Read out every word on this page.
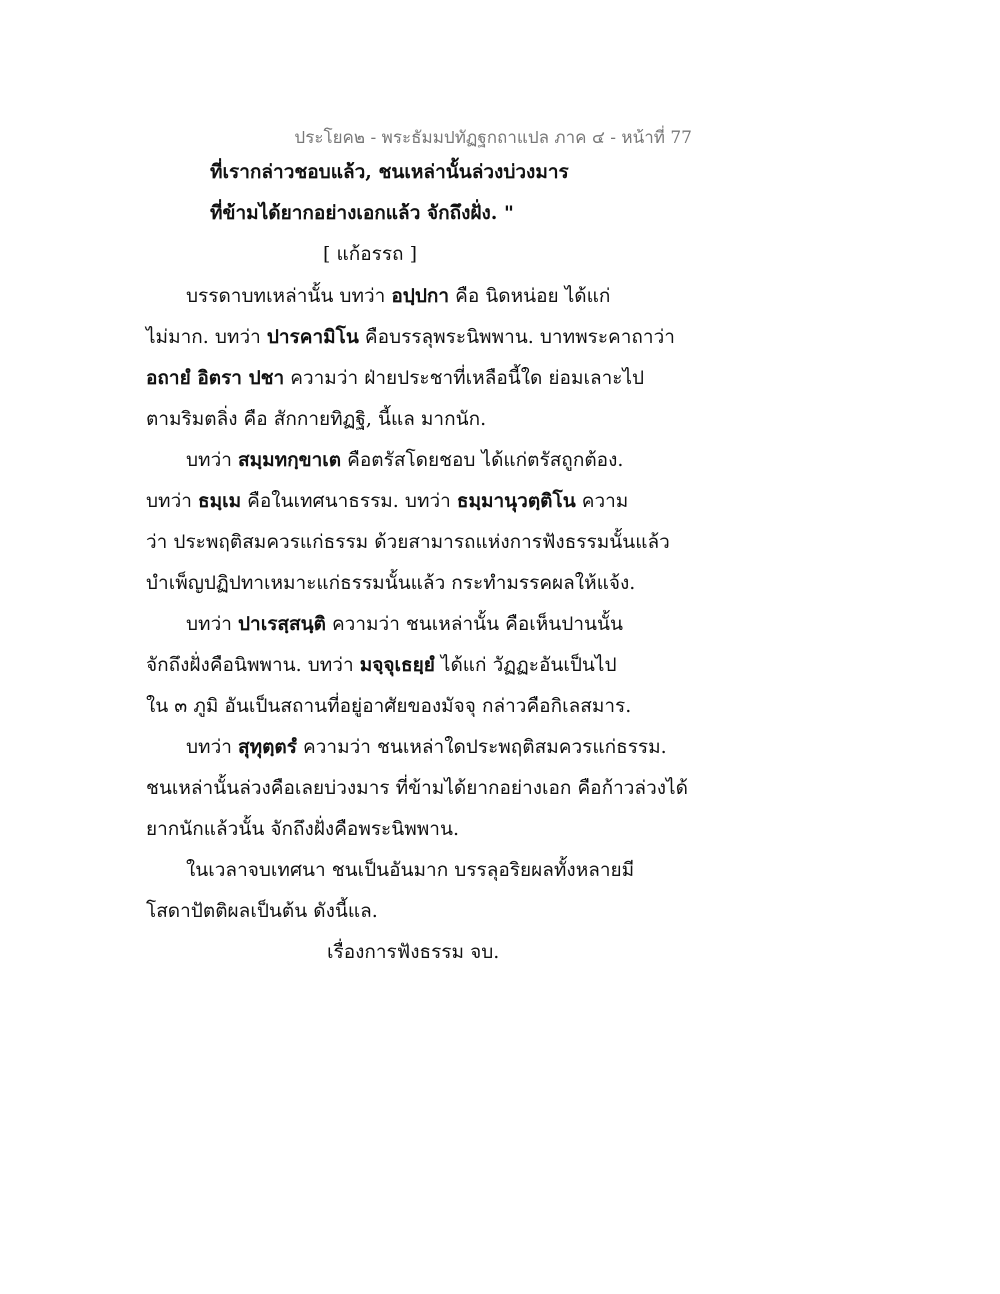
ประโยค๒ - พระธัมมปทัฏฐกถาแปล ภาค ๔ - หน้าที่ 77
ที่เรากล่าวชอบแล้ว, ชนเหล่านั้นล่วงบ่วงมาร
ที่ข้ามได้ยากอย่างเอกแล้ว จักถึงฝั่ง. "
[ แก้อรรถ ]
บรรดาบทเหล่านั้น บทว่า อปฺปกา คือ นิดหน่อย ได้แก่
ไม่มาก. บทว่า ปารคามิโน คือบรรลุพระนิพพาน. บาทพระคาถาว่า
อถายํ อิตรา ปชา ความว่า ฝ่ายประชาที่เหลือนี้ใด ย่อมเลาะไป
ตามริมตลิ่ง คือ สักกายทิฏฐิ, นี้แล มากนัก.
บทว่า สมฺมทกฺขาเต คือตรัสโดยชอบ ได้แก่ตรัสถูกต้อง.
บทว่า ธมฺเม คือในเทศนาธรรม. บทว่า ธมฺมานุวตฺติโน ความ
ว่า ประพฤติสมควรแก่ธรรม ด้วยสามารถแห่งการฟังธรรมนั้นแล้ว
บำเพ็ญปฏิปทาเหมาะแก่ธรรมนั้นแล้ว กระทำมรรคผลให้แจ้ง.
บทว่า ปาเรสฺสนฺติ ความว่า ชนเหล่านั้น คือเห็นปานนั้น
จักถึงฝั่งคือนิพพาน. บทว่า มจฺจุเธยฺยํ ได้แก่ วัฏฏะอันเป็นไป
ใน ๓ ภูมิ อันเป็นสถานที่อยู่อาศัยของมัจจุ กล่าวคือกิเลสมาร.
บทว่า สุทุตฺตรํ ความว่า ชนเหล่าใดประพฤติสมควรแก่ธรรม.
ชนเหล่านั้นล่วงคือเลยบ่วงมาร ที่ข้ามได้ยากอย่างเอก คือก้าวล่วงได้
ยากนักแล้วนั้น จักถึงฝั่งคือพระนิพพาน.
ในเวลาจบเทศนา ชนเป็นอันมาก บรรลุอริยผลทั้งหลายมี
โสดาปัตติผลเป็นต้น ดังนี้แล.
เรื่องการฟังธรรม จบ.
